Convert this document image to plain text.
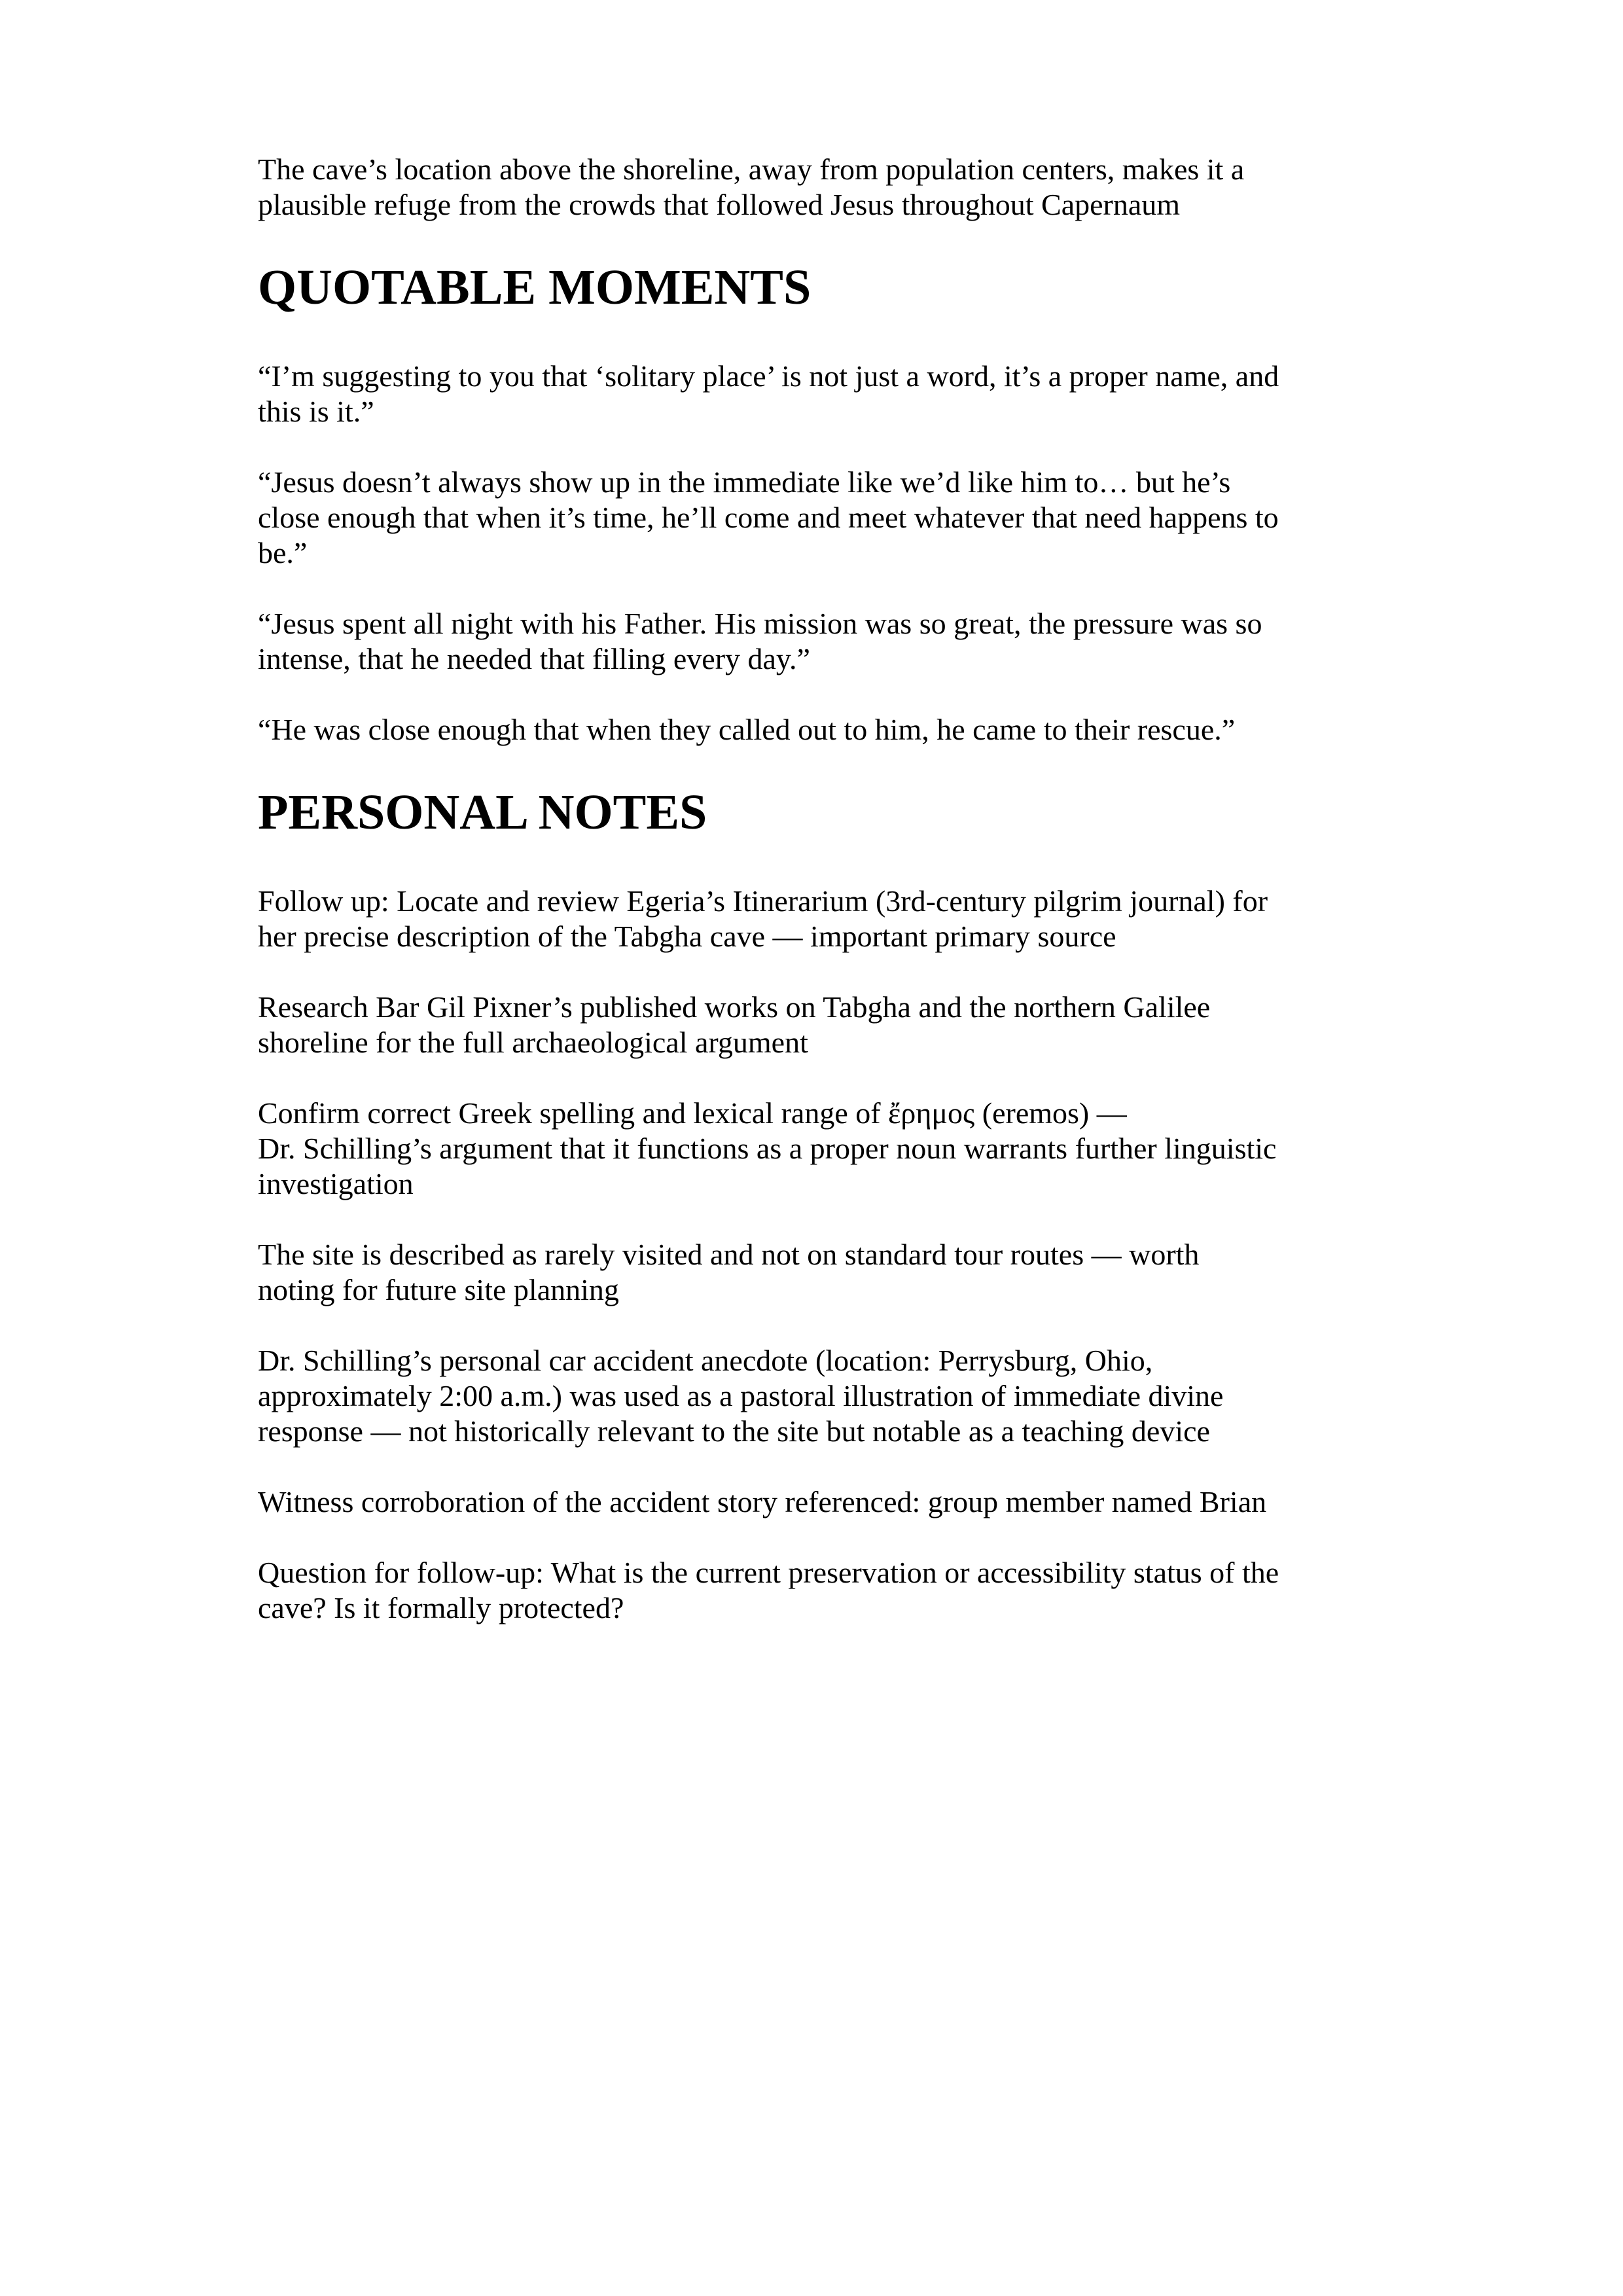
The cave’s location above the shoreline, away from population centers, makes it a
plausible refuge from the crowds that followed Jesus throughout Capernaum

QUOTABLE MOMENTS

“I’m suggesting to you that ‘solitary place’ is not just a word, it’s a proper name, and
this is it.”

“Jesus doesn’t always show up in the immediate like we’d like him to… but he’s
close enough that when it’s time, he’ll come and meet whatever that need happens to
be.”

“Jesus spent all night with his Father. His mission was so great, the pressure was so
intense, that he needed that filling every day.”

“He was close enough that when they called out to him, he came to their rescue.”

PERSONAL NOTES

Follow up: Locate and review Egeria’s Itinerarium (3rd-century pilgrim journal) for
her precise description of the Tabgha cave — important primary source

Research Bar Gil Pixner’s published works on Tabgha and the northern Galilee
shoreline for the full archaeological argument

Confirm correct Greek spelling and lexical range of ἔρημος (eremos) —
Dr. Schilling’s argument that it functions as a proper noun warrants further linguistic
investigation

The site is described as rarely visited and not on standard tour routes — worth
noting for future site planning

Dr. Schilling’s personal car accident anecdote (location: Perrysburg, Ohio,
approximately 2:00 a.m.) was used as a pastoral illustration of immediate divine
response — not historically relevant to the site but notable as a teaching device

Witness corroboration of the accident story referenced: group member named Brian

Question for follow-up: What is the current preservation or accessibility status of the
cave? Is it formally protected?
